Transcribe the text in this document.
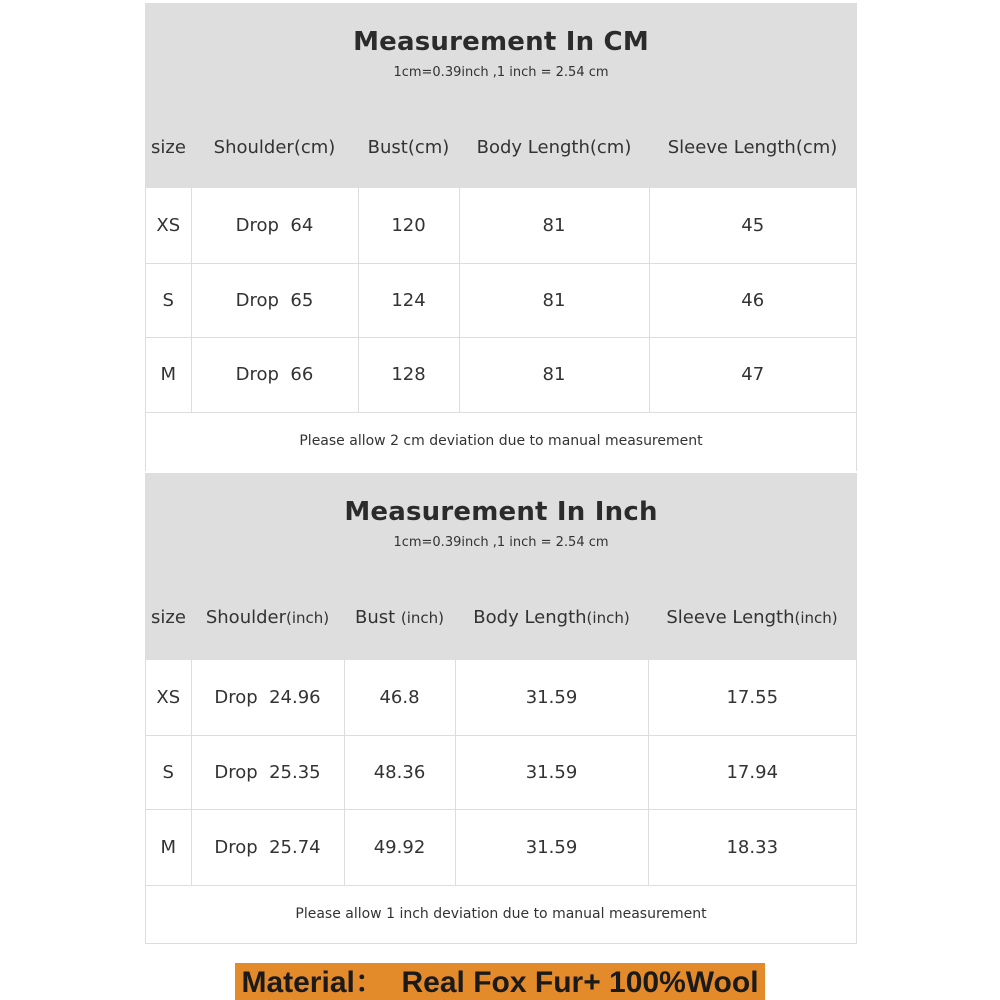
Measurement In CM
1cm=0.39inch ,1 inch = 2.54 cm
size	Shoulder(cm)	Bust(cm)	Body Length(cm)	Sleeve Length(cm)
XS	Drop  64	120	81	45
S	Drop  65	124	81	46
M	Drop  66	128	81	47
Please allow 2 cm deviation due to manual measurement
Measurement In Inch
1cm=0.39inch ,1 inch = 2.54 cm
size	Shoulder(inch)	Bust (inch)	Body Length(inch)	Sleeve Length(inch)
XS	Drop  24.96	46.8	31.59	17.55
S	Drop  25.35	48.36	31.59	17.94
M	Drop  25.74	49.92	31.59	18.33
Please allow 1 inch deviation due to manual measurement
Material：  Real Fox Fur+ 100%Wool
